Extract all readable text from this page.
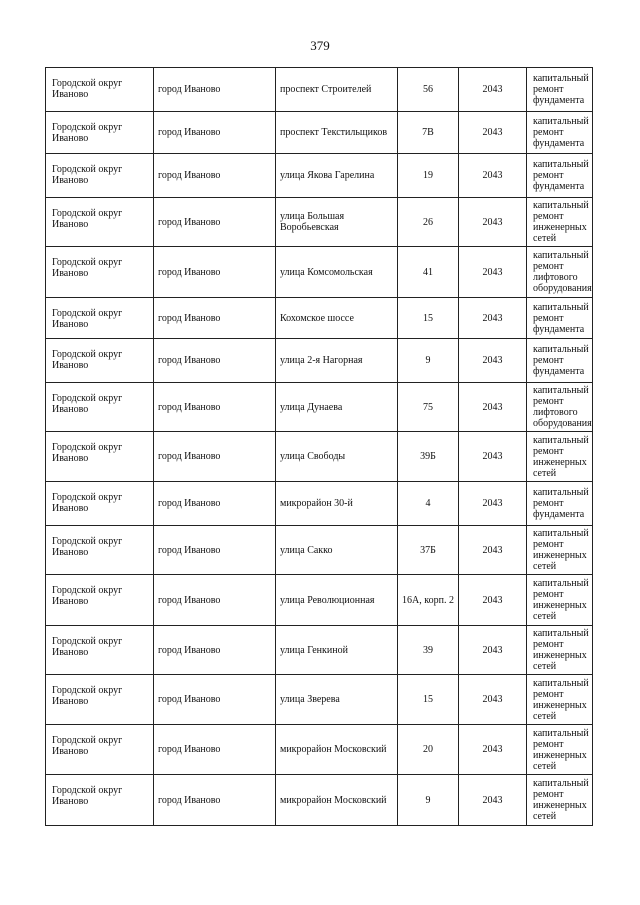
379
Городской округ Иваново	город Иваново	проспект Строителей	56	2043	капитальный ремонт фундамента
Городской округ Иваново	город Иваново	проспект Текстильщиков	7В	2043	капитальный ремонт фундамента
Городской округ Иваново	город Иваново	улица Якова Гарелина	19	2043	капитальный ремонт фундамента
Городской округ Иваново	город Иваново	улица Большая Воробьевская	26	2043	капитальный ремонт инженерных сетей
Городской округ Иваново	город Иваново	улица Комсомольская	41	2043	капитальный ремонт лифтового оборудования
Городской округ Иваново	город Иваново	Кохомское шоссе	15	2043	капитальный ремонт фундамента
Городской округ Иваново	город Иваново	улица 2-я Нагорная	9	2043	капитальный ремонт фундамента
Городской округ Иваново	город Иваново	улица Дунаева	75	2043	капитальный ремонт лифтового оборудования
Городской округ Иваново	город Иваново	улица Свободы	39Б	2043	капитальный ремонт инженерных сетей
Городской округ Иваново	город Иваново	микрорайон 30-й	4	2043	капитальный ремонт фундамента
Городской округ Иваново	город Иваново	улица Сакко	37Б	2043	капитальный ремонт инженерных сетей
Городской округ Иваново	город Иваново	улица Революционная	16А, корп. 2	2043	капитальный ремонт инженерных сетей
Городской округ Иваново	город Иваново	улица Генкиной	39	2043	капитальный ремонт инженерных сетей
Городской округ Иваново	город Иваново	улица Зверева	15	2043	капитальный ремонт инженерных сетей
Городской округ Иваново	город Иваново	микрорайон Московский	20	2043	капитальный ремонт инженерных сетей
Городской округ Иваново	город Иваново	микрорайон Московский	9	2043	капитальный ремонт инженерных сетей
